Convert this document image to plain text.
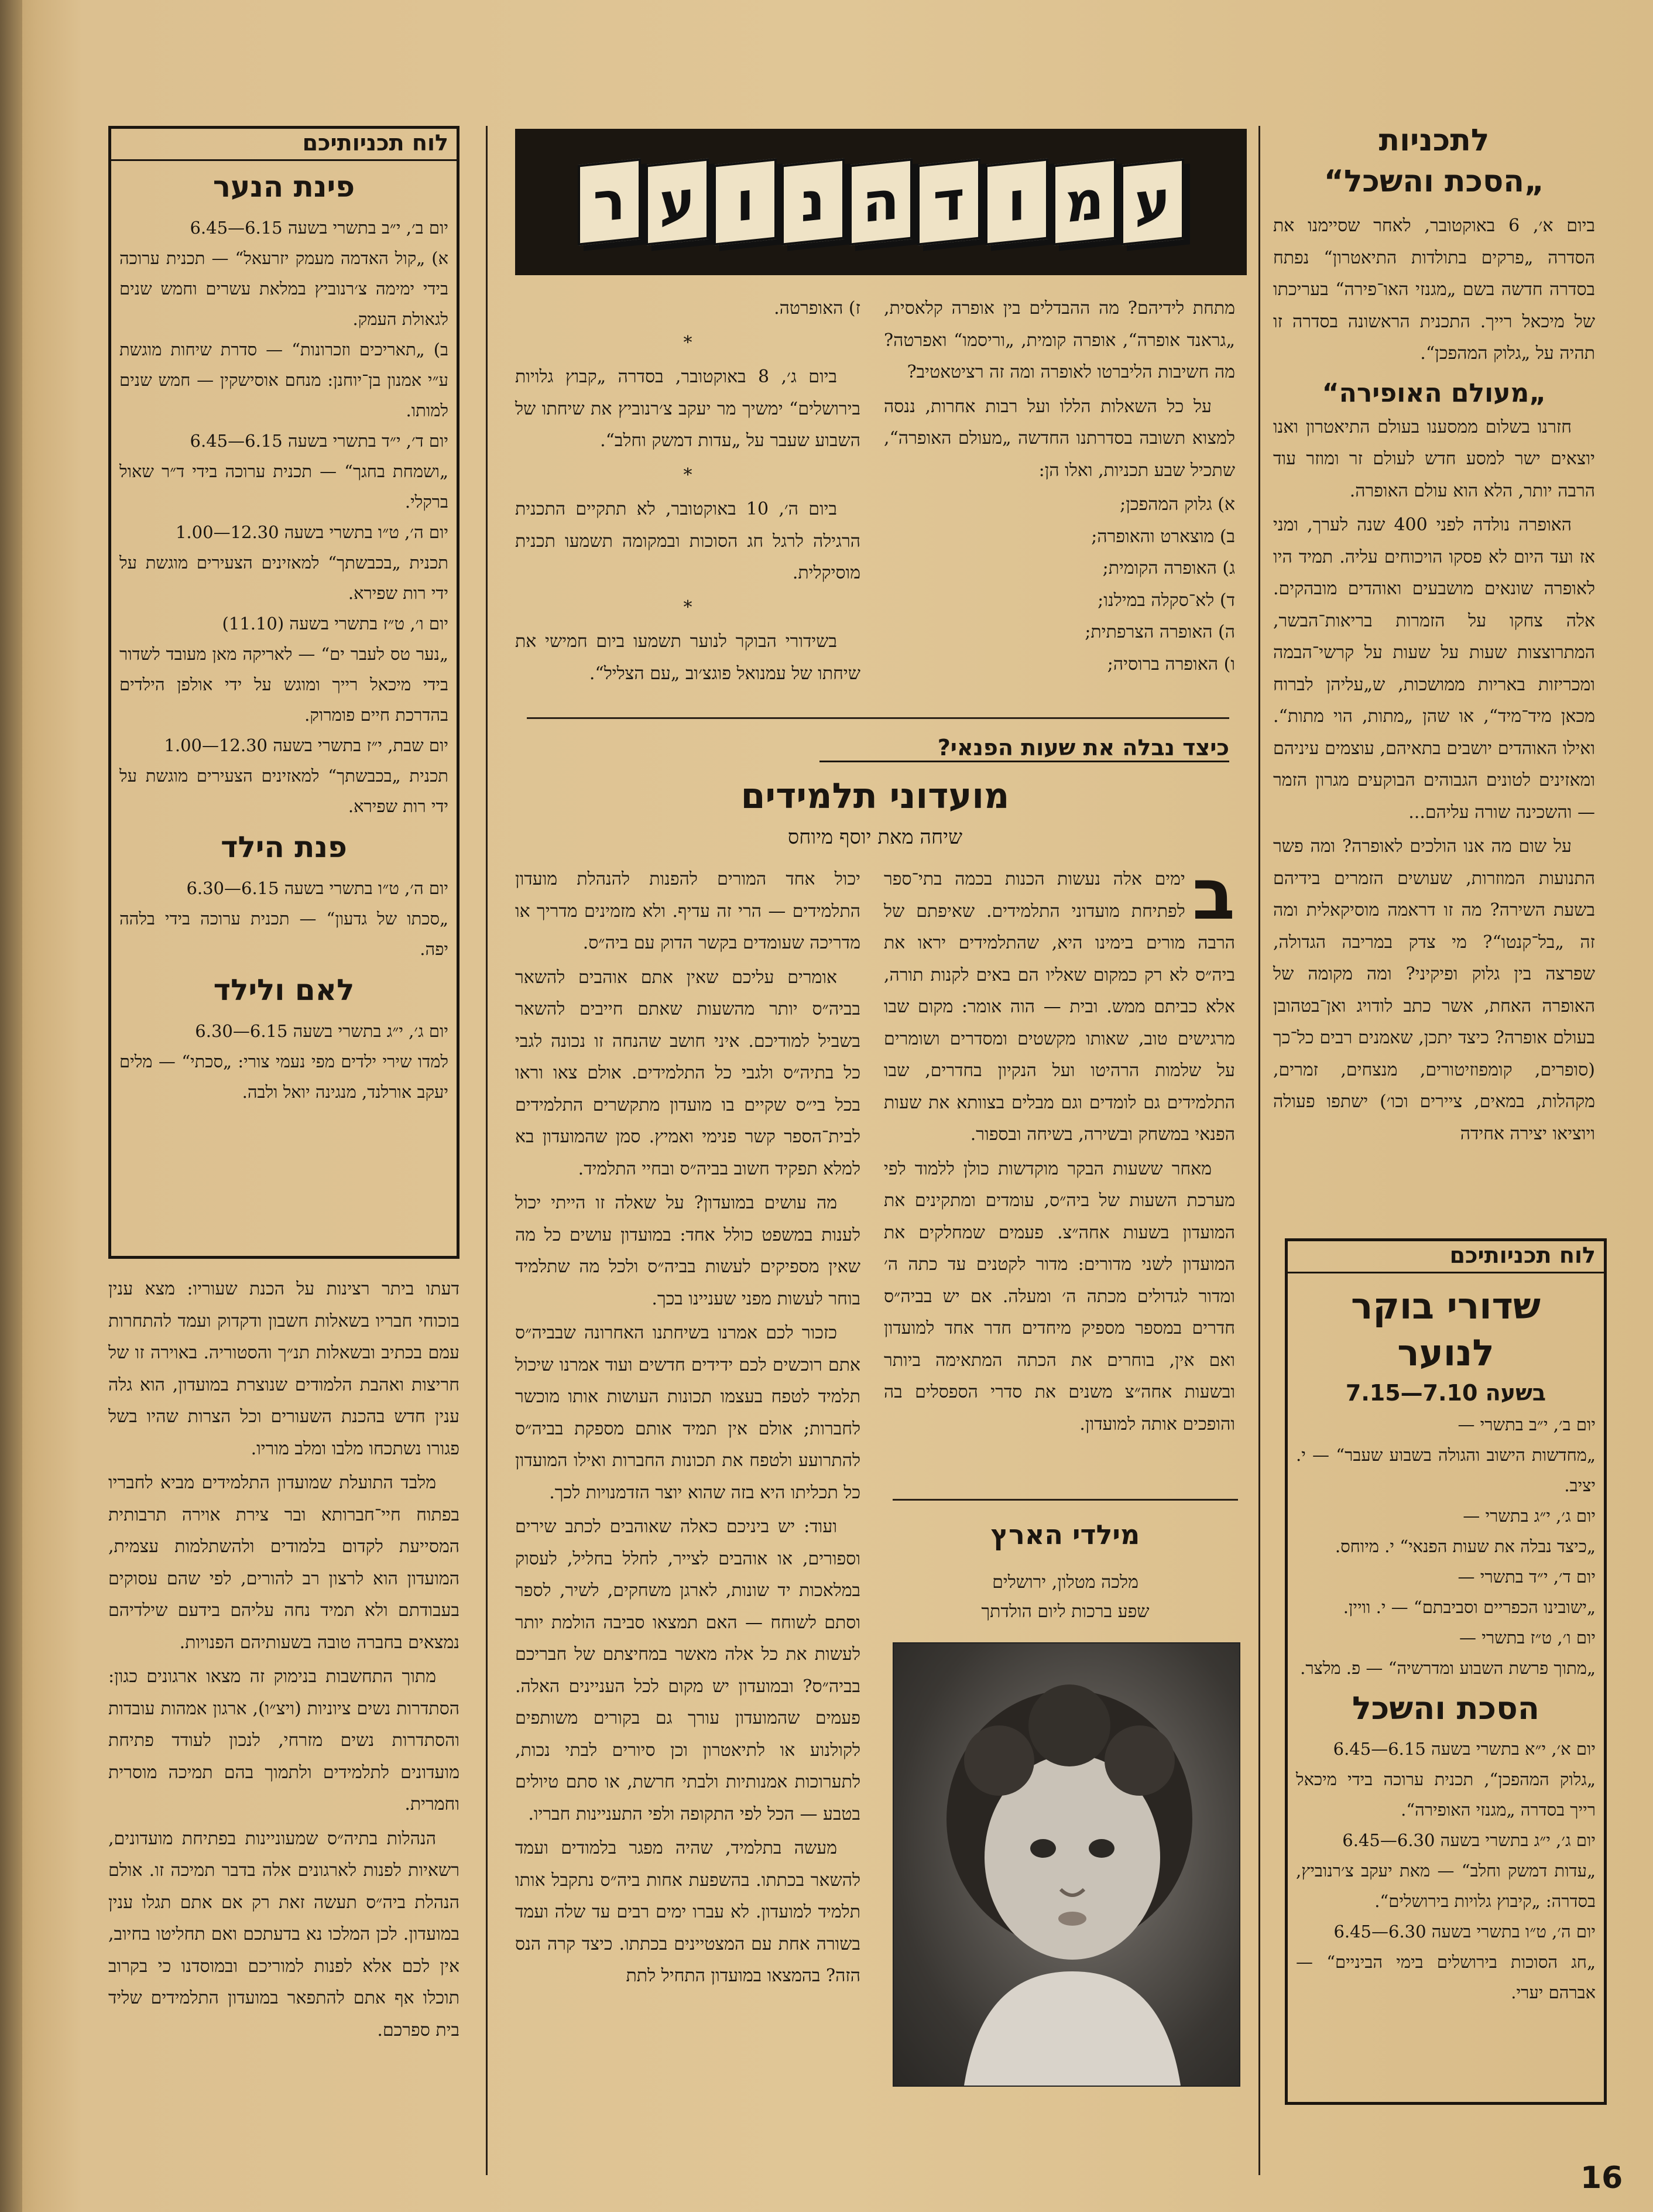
לתכניות
„הסכת והשכל“
ביום א׳, 6 באוקטובר, לאחר שסיימנו את הסדרה „פרקים בתולדות התיאטרון“ נפתח בסדרה חדשה בשם „מגנזי האו־פירה“ בעריכתו של מיכאל רייך. התכנית הראשונה בסדרה זו תהיה על „גלוק המהפכן“.
„מעולם האופירה“

חזרנו בשלום ממסענו בעולם התיאטרון ואנו יוצאים ישר למסע חדש לעולם זר ומוזר עוד הרבה יותר, הלא הוא עולם האופרה.

האופרה נולדה לפני 400 שנה לערך, ומני אז ועד היום לא פסקו הויכוחים עליה. תמיד היו לאופרה שונאים מושבעים ואוהדים מובהקים. אלה צחקו על הזמרות בריאות־הבשר, המתרוצצות שעות על שעות על קרשי־הבמה ומכריזות באריות ממושכות, ש„עליהן לברוח מכאן מיד־מיד“, או שהן „מתות, הוי מתות“. ואילו האוהדים יושבים בתאיהם, עוצמים עיניהם ומאזינים לטונים הגבוהים הבוקעים מגרון הזמר — והשכינה שורה עליהם...

על שום מה אנו הולכים לאופרה? ומה פשר התנועות המוזרות, שעושים הזמרים בידיהם בשעת השירה? מה זו דראמה מוסיקאלית ומה זה „בל־קנטו“? מי צדק במריבה הגדולה, שפרצה בין גלוק ופיקיני? ומה מקומה של האופרה האחת, אשר כתב לודויג ואן־בטהובן בעולם אופרה? כיצד יתכן, שאמנים רבים כל־כך (סופרים, קומפוזיטורים, מנצחים, זמרים, מקהלות, במאים, ציירים וכו׳) ישתפו פעולה ויוציאו יצירה אחידה

לוח תכניותיכם
שדורי בוקר
לנוער
בשעה 7.10—7.15
יום ב׳, י״ב בתשרי —
„מחדשות הישוב והגולה בשבוע שעבר“ — י. יציב.
יום ג׳, י״ג בתשרי —
„כיצד נבלה את שעות הפנאי“ י. מיוחס.
יום ד׳, י״ד בתשרי —
„ישובינו הכפריים וסביבתם“ — י. וויין.
יום ו׳, ט״ז בתשרי —
„מתוך פרשת השבוע ומדרשיה“ — פ. מלצר.
הסכת והשכל
יום א׳, י״א בתשרי בשעה 6.15—6.45
„גלוק המהפכן“, תכנית ערוכה בידי מיכאל רייך בסדרה „מגנזי האופירה“.
יום ג׳, י״ג בתשרי בשעה 6.30—6.45
„עדות דמשק וחלב“ — מאת יעקב צ׳רנוביץ, בסדרה: „קיבוץ גלויות בירושלים“.
יום ה׳, ט״ו בתשרי בשעה 6.30—6.45
„חג הסוכות בירושלים בימי הביניים“ — אברהם יערי.
ע
מ
ו
ד
ה
נ
ו
ע
ר

מתחת לידיהם? מה ההבדלים בין אופרה קלאסית, „גראנד אופרה“, אופרה קומית, „וריסמו“ ואפרטה? מה חשיבות הליברטו לאופרה ומה זה רציטאטיב?

על כל השאלות הללו ועל רבות אחרות, ננסה למצוא תשובה בסדרתנו החדשה „מעולם האופרה“, שתכיל שבע תכניות, ואלו הן:

א) גלוק המהפכן;
ב) מוצארט והאופרה;
ג) האופרה הקומית;
ד) לא־סקלה במילנו;
ה) האופרה הצרפתית;
ו) האופרה ברוסיה;

ז) האופרטה.

*

ביום ג׳, 8 באוקטובר, בסדרה „קבוץ גלויות בירושלים“ ימשיך מר יעקב צ׳רנוביץ את שיחתו של השבוע שעבר על „עדות דמשק וחלב“.

*

ביום ה׳, 10 באוקטובר, לא תתקיים התכנית הרגילה לרגל חג הסוכות ובמקומה תשמעו תכנית מוסיקלית.

*

בשידורי הבוקר לנוער תשמעו ביום חמישי את שיחתו של עמנואל פוגצ׳וב „עם הצליל“.

לוח תכניותיכם
פינת הנער
יום ב׳, י״ב בתשרי בשעה 6.15—6.45
א) „קול האדמה מעמק יזרעאל“ — תכנית ערוכה בידי ימימה צ׳רנוביץ במלאת עשרים וחמש שנים לגאולת העמק.
ב) „תאריכים וזכרונות“ — סדרת שיחות מוגשת ע״י אמנון בן־יוחנן: מנחם אוסישקין — חמש שנים למותו.
יום ד׳, י״ד בתשרי בשעה 6.15—6.45
„ושמחת בחגך“ — תכנית ערוכה בידי ד״ר שאול ברקלי.
יום ה׳, ט״ו בתשרי בשעה 12.30—1.00
תכנית „בכבשתך“ למאזינים הצעירים מוגשת על ידי רות שפירא.
יום ו׳, ט״ז בתשרי בשעה (11.10)
„נער טס לעבר ים“ — לאריקה מאן מעובד לשדור בידי מיכאל רייך ומוגש על ידי אולפן הילדים בהדרכת חיים פומרוק.
יום שבת, י״ז בתשרי בשעה 12.30—1.00
תכנית „בכבשתך“ למאזינים הצעירים מוגשת על ידי רות שפירא.
פנת הילד
יום ה׳, ט״ו בתשרי בשעה 6.15—6.30
„סכתו של גדעון“ — תכנית ערוכה בידי בלהה יפה.
לאם ולילד
יום ג׳, י״ג בתשרי בשעה 6.15—6.30
למדו שירי ילדים מפי נעמי צורי: „סכתי“ — מלים יעקב אורלנד, מנגינה יואל ולבה.

דעתו ביתר רצינות על הכנת שעוריו: מצא ענין בוכוחי חבריו בשאלות חשבון ודקדוק ועמד להתחרות עמם בכתיב ובשאלות תנ״ך והסטוריה. באוירה זו של חריצות ואהבת הלמודים שנוצרת במועדון, הוא גלה ענין חדש בהכנת השעורים וכל הצרות שהיו בשל פגורו נשתכחו מלבו ומלב מוריו.

מלבד התועלת שמועדון התלמידים מביא לחבריו בפתוח חיי־חברותא ובר צירת אוירה תרבותית המסייעת לקדום בלמודים ולהשתלמות עצמית, המועדון הוא לרצון רב להורים, לפי שהם עסוקים בעבודתם ולא תמיד נחה עליהם בידעם שילדיהם נמצאים בחברה טובה בשעותיהם הפנויות.

מתוך התחשבות בנימוק זה מצאו ארגונים כגון: הסתדרות נשים ציוניות (ויצ״ו), ארגון אמהות עובדות והסתדרות נשים מזרחי, לנכון לעודד פתיחת מועדונים לתלמידים ולתמוך בהם תמיכה מוסרית וחמרית.

הנהלות בתיה״ס שמעוניינות בפתיחת מועדונים, רשאיות לפנות לארגונים אלה בדבר תמיכה זו. אולם הנהלת ביה״ס תעשה זאת רק אם אתם תגלו ענין במועדון. לכן המלכו נא בדעתכם ואם תחליטו בחיוב, אין לכם אלא לפנות למוריכם ובמוסדנו כי בקרוב תוכלו אף אתם להתפאר במועדון התלמידים שליד בית ספרכם.

כיצד נבלה את שעות הפנאי?
מועדוני תלמידים
שיחה מאת יוסף מיוחס
ב

ימים אלה נעשות הכנות בכמה בתי־ספר לפתיחת מועדוני התלמידים. שאיפתם של הרבה מורים בימינו היא, שהתלמידים יראו את ביה״ס לא רק כמקום שאליו הם באים לקנות תורה, אלא כביתם ממש. ובית — הוה אומר: מקום שבו מרגישים טוב, שאותו מקשטים ומסדרים ושומרים על שלמות הרהיטו ועל הנקיון בחדרים, שבו התלמידים גם לומדים וגם מבלים בצוותא את שעות הפנאי במשחק ובשירה, בשיחה ובספור.

מאחר ששעות הבקר מוקדשות כולן ללמוד לפי מערכת השעות של ביה״ס, עומדים ומתקינים את המועדון בשעות אחה״צ. פעמים שמחלקים את המועדון לשני מדורים: מדור לקטנים עד כתה ה׳ ומדור לגדולים מכתה ה׳ ומעלה. אם יש בביה״ס חדרים במספר מספיק מיחדים חדר אחד למועדון ואם אין, בוחרים את הכתה המתאימה ביותר ובשעות אחה״צ משנים את סדרי הספסלים בה והופכים אותה למועדון.

יכול אחד המורים להפנות להנהלת מועדון התלמידים — הרי זה עדיף. ולא מזמינים מדריך או מדריכה שעומדים בקשר הדוק עם ביה״ס.

אומרים עליכם שאין אתם אוהבים להשאר בביה״ס יותר מהשעות שאתם חייבים להשאר בשביל למודיכם. איני חושב שהנחה זו נכונה לגבי כל בתיה״ס ולגבי כל התלמידים. אולם צאו וראו בכל בי״ס שקיים בו מועדון מתקשרים התלמידים לבית־הספר קשר פנימי ואמיץ. סמן שהמועדון בא למלא תפקיד חשוב בביה״ס ובחיי התלמיד.

מה עושים במועדון? על שאלה זו הייתי יכול לענות במשפט כולל אחד: במועדון עושים כל מה שאין מספיקים לעשות בביה״ס ולכל מה שתלמיד בוחר לעשות מפני שעניינו בכך.

כזכור לכם אמרנו בשיחתנו האחרונה שבביה״ס אתם רוכשים לכם ידידים חדשים ועוד אמרנו שיכול תלמיד לטפח בעצמו תכונות העושות אותו מוכשר לחברות; אולם אין תמיד אותם מספקת בביה״ס להתרועע ולטפח את תכונות החברות ואילו המועדון כל תכליתו היא בזה שהוא יוצר הזדמנויות לכך.

ועוד: יש ביניכם כאלה שאוהבים לכתב שירים וספורים, או אוהבים לצייר, לחלל בחליל, לעסוק במלאכות יד שונות, לארגן משחקים, לשיר, לספר וסתם לשוחח — האם תמצאו סביבה הולמת יותר לעשות את כל אלה מאשר במחיצתם של חבריכם בביה״ס? ובמועדון יש מקום לכל העניינים האלה. פעמים שהמועדון עורך גם בקורים משותפים לקולנוע או לתיאטרון וכן סיורים לבתי נכות, לתערוכות אמנותיות ולבתי חרשת, או סתם טיולים בטבע — הכל לפי התקופה ולפי התעניינות חבריו.

מעשה בתלמיד, שהיה מפגר בלמודים ועמד להשאר בכתתו. בהשפעת אחות ביה״ס נתקבל אותו תלמיד למועדון. לא עברו ימים רבים עד שלה ועמד בשורה אחת עם המצטיינים בכתתו. כיצד קרה הנס הזה? בהמצאו במועדון התחיל לתת

מילדי הארץ
מלכה מטלון, ירושלים
שפע ברכות ליום הולדתך
16
